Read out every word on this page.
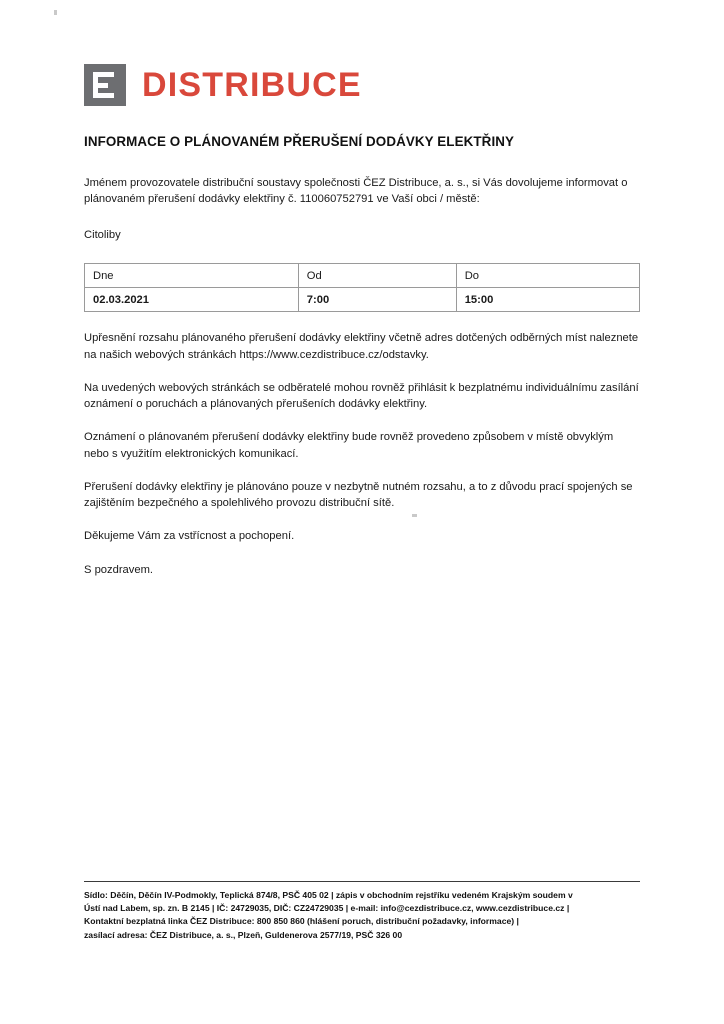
DISTRIBUCE
INFORMACE O PLÁNOVANÉM PŘERUŠENÍ DODÁVKY ELEKTŘINY
Jménem provozovatele distribuční soustavy společnosti ČEZ Distribuce, a. s., si Vás dovolujeme informovat o plánovaném přerušení dodávky elektřiny č. 110060752791 ve Vaší obci / městě:
Citoliby
Dne	Od	Do
02.03.2021	7:00	15:00
Upřesnění rozsahu plánovaného přerušení dodávky elektřiny včetně adres dotčených odběrných míst naleznete na našich webových stránkách https://www.cezdistribuce.cz/odstavky.
Na uvedených webových stránkách se odběratelé mohou rovněž přihlásit k bezplatnému individuálnímu zasílání oznámení o poruchách a plánovaných přerušeních dodávky elektřiny.
Oznámení o plánovaném přerušení dodávky elektřiny bude rovněž provedeno způsobem v místě obvyklým nebo s využitím elektronických komunikací.
Přerušení dodávky elektřiny je plánováno pouze v nezbytně nutném rozsahu, a to z důvodu prací spojených se zajištěním bezpečného a spolehlivého provozu distribuční sítě.
Děkujeme Vám za vstřícnost a pochopení.
S pozdravem.
Sídlo: Děčín, Děčín IV-Podmokly, Teplická 874/8, PSČ 405 02 | zápis v obchodním rejstříku vedeném Krajským soudem v
Ústí nad Labem, sp. zn. B 2145 | IČ: 24729035, DIČ: CZ24729035 | e-mail: info@cezdistribuce.cz, www.cezdistribuce.cz |
Kontaktní bezplatná linka ČEZ Distribuce: 800 850 860 (hlášení poruch, distribuční požadavky, informace) |
zasílací adresa: ČEZ Distribuce, a. s., Plzeň, Guldenerova 2577/19, PSČ 326 00
